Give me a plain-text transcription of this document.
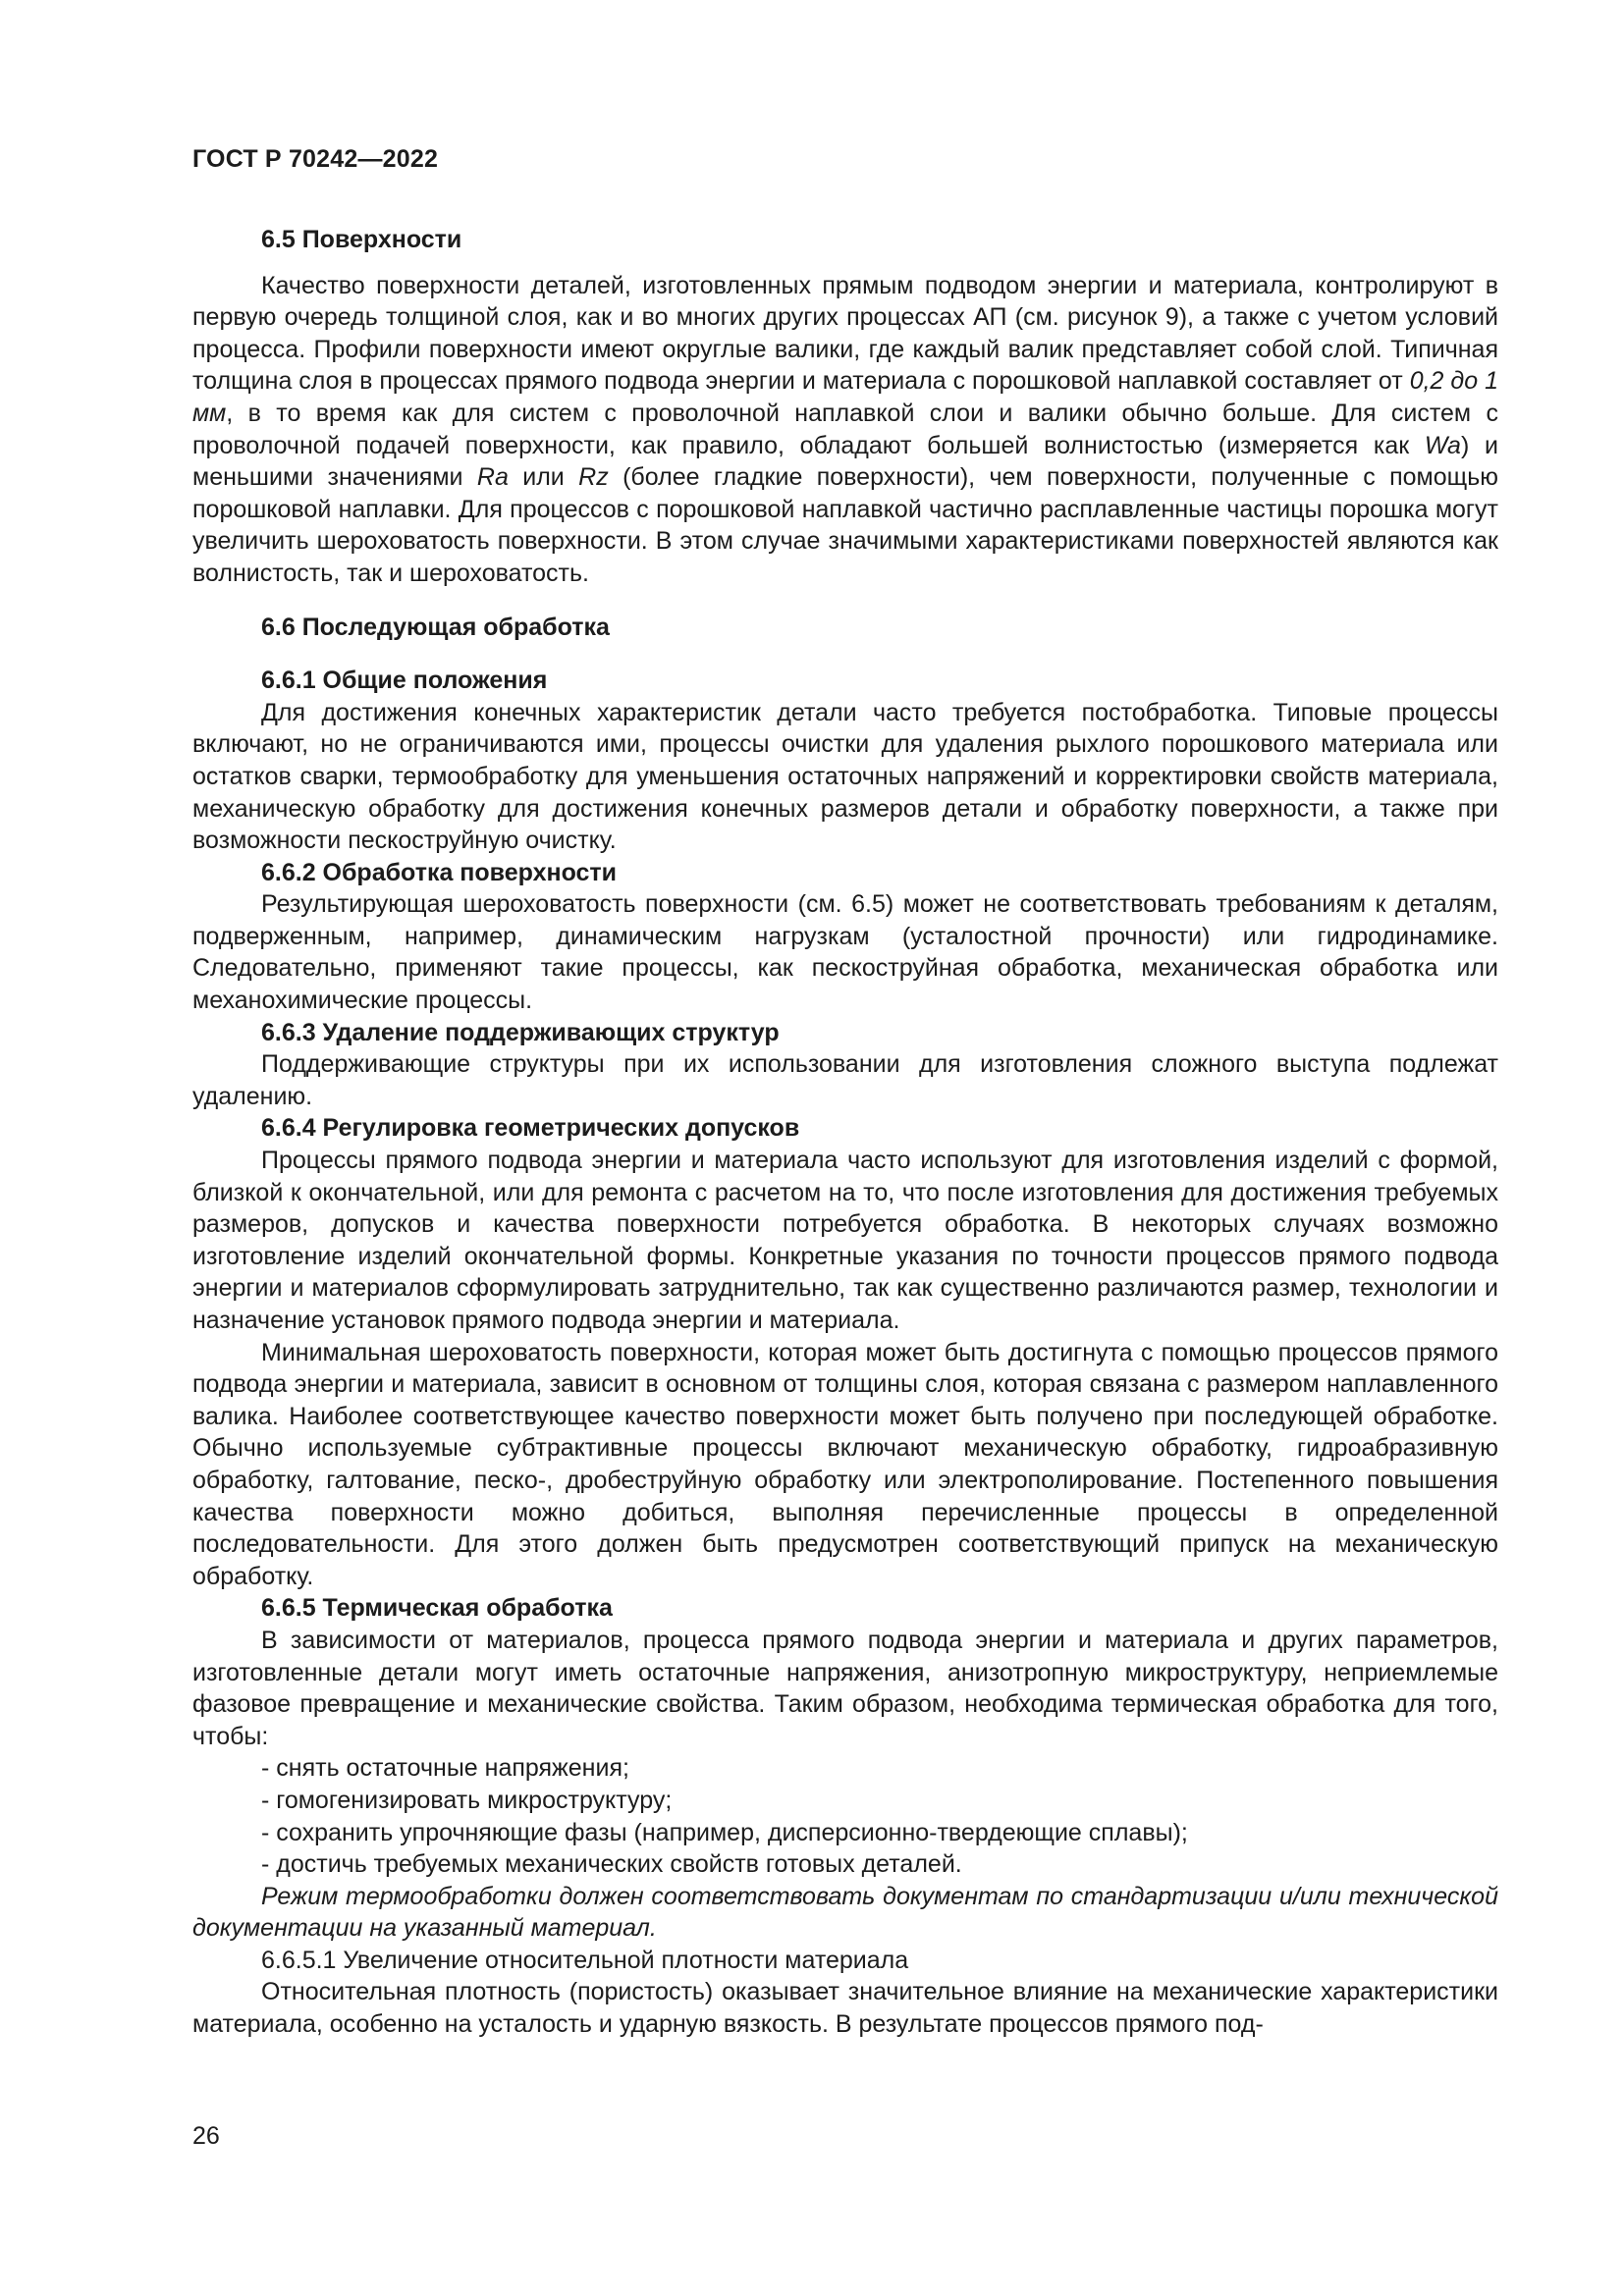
ГОСТ Р 70242—2022
6.5 Поверхности

Качество поверхности деталей, изготовленных прямым подводом энергии и материала, контролируют в первую очередь толщиной слоя, как и во многих других процессах АП (см. рисунок 9), а также с учетом условий процесса. Профили поверхности имеют округлые валики, где каждый валик представляет собой слой. Типичная толщина слоя в процессах прямого подвода энергии и материала с порошковой наплавкой составляет от 0,2 до 1 мм, в то время как для систем с проволочной наплавкой слои и валики обычно больше. Для систем с проволочной подачей поверхности, как правило, обладают большей волнистостью (измеряется как Wa) и меньшими значениями Ra или Rz (более гладкие поверхности), чем поверхности, полученные с помощью порошковой наплавки. Для процессов с порошковой наплавкой частично расплавленные частицы порошка могут увеличить шероховатость поверхности. В этом случае значимыми характеристиками поверхностей являются как волнистость, так и шероховатость.

6.6 Последующая обработка
6.6.1 Общие положения

Для достижения конечных характеристик детали часто требуется постобработка. Типовые процессы включают, но не ограничиваются ими, процессы очистки для удаления рыхлого порошкового материала или остатков сварки, термообработку для уменьшения остаточных напряжений и корректировки свойств материала, механическую обработку для достижения конечных размеров детали и обработку поверхности, а также при возможности пескоструйную очистку.

6.6.2 Обработка поверхности

Результирующая шероховатость поверхности (см. 6.5) может не соответствовать требованиям к деталям, подверженным, например, динамическим нагрузкам (усталостной прочности) или гидродинамике. Следовательно, применяют такие процессы, как пескоструйная обработка, механическая обработка или механохимические процессы.

6.6.3 Удаление поддерживающих структур

Поддерживающие структуры при их использовании для изготовления сложного выступа подлежат удалению.

6.6.4 Регулировка геометрических допусков

Процессы прямого подвода энергии и материала часто используют для изготовления изделий с формой, близкой к окончательной, или для ремонта с расчетом на то, что после изготовления для достижения требуемых размеров, допусков и качества поверхности потребуется обработка. В некоторых случаях возможно изготовление изделий окончательной формы. Конкретные указания по точности процессов прямого подвода энергии и материалов сформулировать затруднительно, так как существенно различаются размер, технологии и назначение установок прямого подвода энергии и материала.

Минимальная шероховатость поверхности, которая может быть достигнута с помощью процессов прямого подвода энергии и материала, зависит в основном от толщины слоя, которая связана с размером наплавленного валика. Наиболее соответствующее качество поверхности может быть получено при последующей обработке. Обычно используемые субтрактивные процессы включают механическую обработку, гидроабразивную обработку, галтование, песко-, дробеструйную обработку или электрополирование. Постепенного повышения качества поверхности можно добиться, выполняя перечисленные процессы в определенной последовательности. Для этого должен быть предусмотрен соответствующий припуск на механическую обработку.

6.6.5 Термическая обработка

В зависимости от материалов, процесса прямого подвода энергии и материала и других параметров, изготовленные детали могут иметь остаточные напряжения, анизотропную микроструктуру, неприемлемые фазовое превращение и механические свойства. Таким образом, необходима термическая обработка для того, чтобы:

- снять остаточные напряжения;
- гомогенизировать микроструктуру;
- сохранить упрочняющие фазы (например, дисперсионно-твердеющие сплавы);
- достичь требуемых механических свойств готовых деталей.

Режим термообработки должен соответствовать документам по стандартизации и/или технической документации на указанный материал.

6.6.5.1 Увеличение относительной плотности материала

Относительная плотность (пористость) оказывает значительное влияние на механические характеристики материала, особенно на усталость и ударную вязкость. В результате процессов прямого под-

26
